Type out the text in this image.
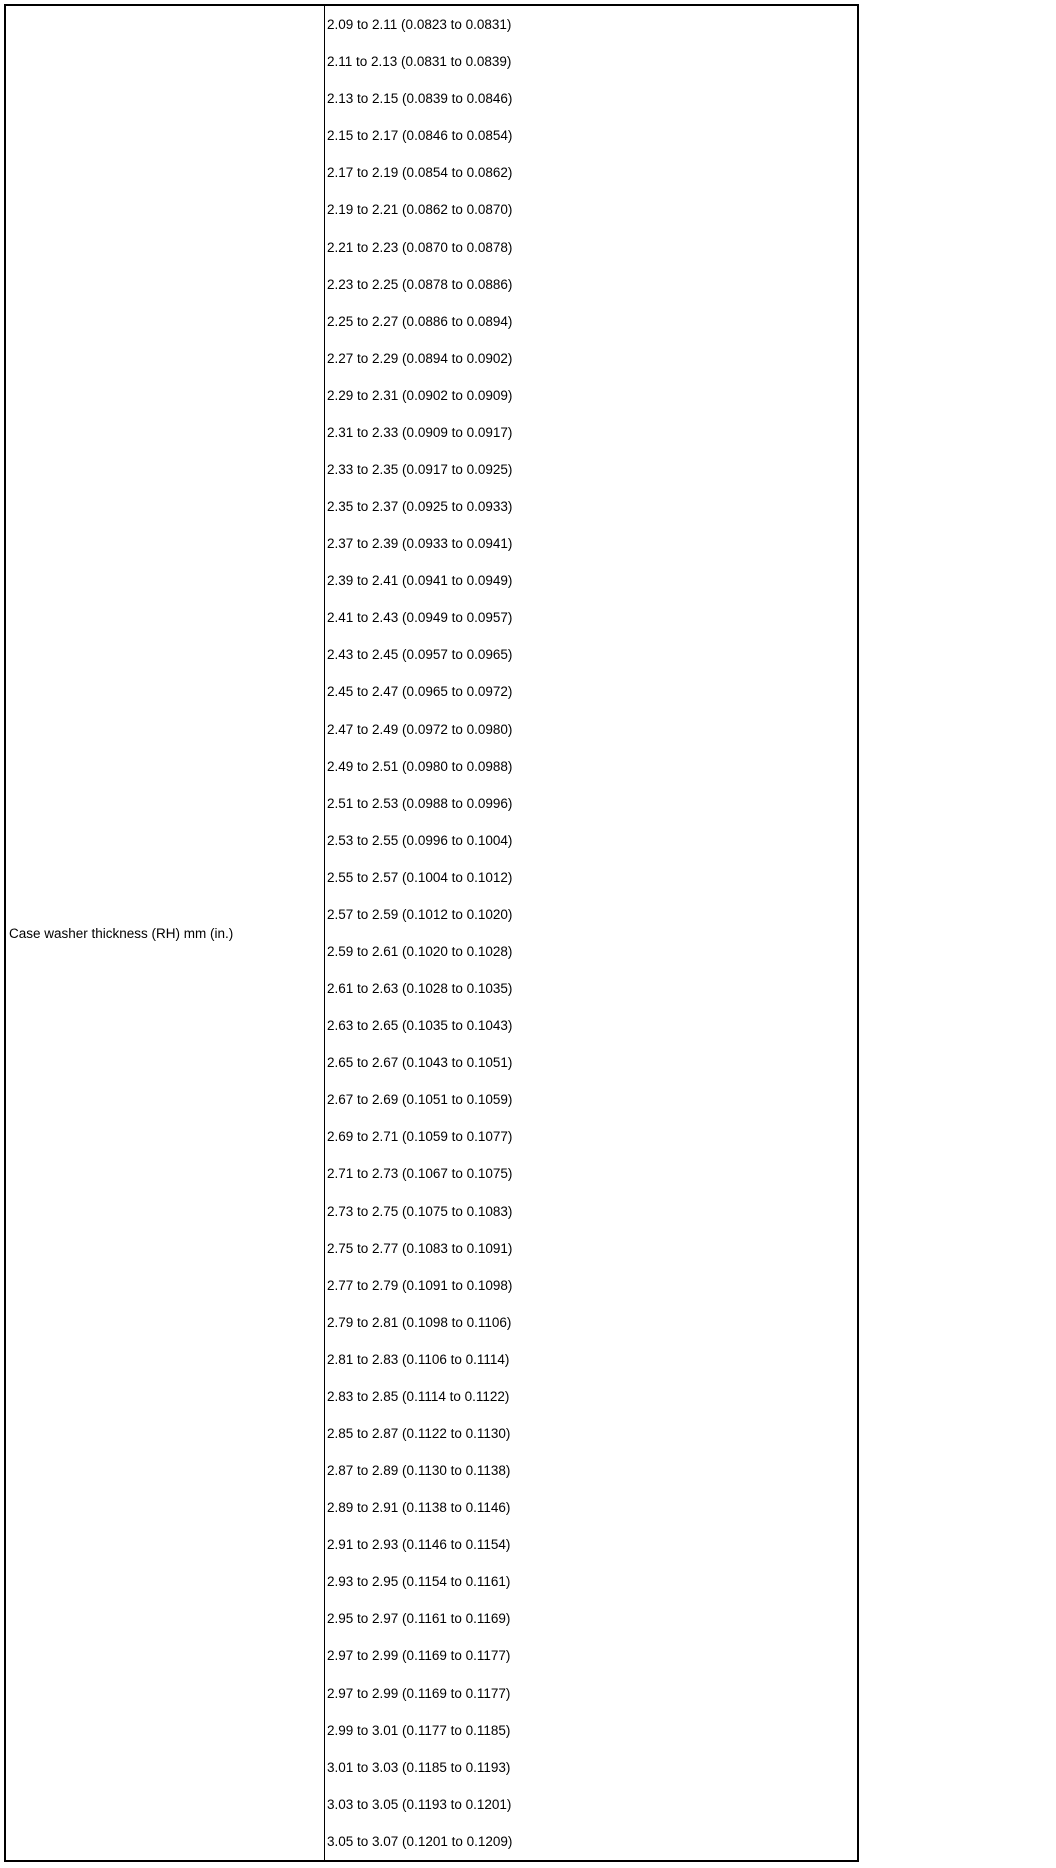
Case washer thickness (RH) mm (in.)
2.09 to 2.11 (0.0823 to 0.0831)
2.11 to 2.13 (0.0831 to 0.0839)
2.13 to 2.15 (0.0839 to 0.0846)
2.15 to 2.17 (0.0846 to 0.0854)
2.17 to 2.19 (0.0854 to 0.0862)
2.19 to 2.21 (0.0862 to 0.0870)
2.21 to 2.23 (0.0870 to 0.0878)
2.23 to 2.25 (0.0878 to 0.0886)
2.25 to 2.27 (0.0886 to 0.0894)
2.27 to 2.29 (0.0894 to 0.0902)
2.29 to 2.31 (0.0902 to 0.0909)
2.31 to 2.33 (0.0909 to 0.0917)
2.33 to 2.35 (0.0917 to 0.0925)
2.35 to 2.37 (0.0925 to 0.0933)
2.37 to 2.39 (0.0933 to 0.0941)
2.39 to 2.41 (0.0941 to 0.0949)
2.41 to 2.43 (0.0949 to 0.0957)
2.43 to 2.45 (0.0957 to 0.0965)
2.45 to 2.47 (0.0965 to 0.0972)
2.47 to 2.49 (0.0972 to 0.0980)
2.49 to 2.51 (0.0980 to 0.0988)
2.51 to 2.53 (0.0988 to 0.0996)
2.53 to 2.55 (0.0996 to 0.1004)
2.55 to 2.57 (0.1004 to 0.1012)
2.57 to 2.59 (0.1012 to 0.1020)
2.59 to 2.61 (0.1020 to 0.1028)
2.61 to 2.63 (0.1028 to 0.1035)
2.63 to 2.65 (0.1035 to 0.1043)
2.65 to 2.67 (0.1043 to 0.1051)
2.67 to 2.69 (0.1051 to 0.1059)
2.69 to 2.71 (0.1059 to 0.1077)
2.71 to 2.73 (0.1067 to 0.1075)
2.73 to 2.75 (0.1075 to 0.1083)
2.75 to 2.77 (0.1083 to 0.1091)
2.77 to 2.79 (0.1091 to 0.1098)
2.79 to 2.81 (0.1098 to 0.1106)
2.81 to 2.83 (0.1106 to 0.1114)
2.83 to 2.85 (0.1114 to 0.1122)
2.85 to 2.87 (0.1122 to 0.1130)
2.87 to 2.89 (0.1130 to 0.1138)
2.89 to 2.91 (0.1138 to 0.1146)
2.91 to 2.93 (0.1146 to 0.1154)
2.93 to 2.95 (0.1154 to 0.1161)
2.95 to 2.97 (0.1161 to 0.1169)
2.97 to 2.99 (0.1169 to 0.1177)
2.97 to 2.99 (0.1169 to 0.1177)
2.99 to 3.01 (0.1177 to 0.1185)
3.01 to 3.03 (0.1185 to 0.1193)
3.03 to 3.05 (0.1193 to 0.1201)
3.05 to 3.07 (0.1201 to 0.1209)
